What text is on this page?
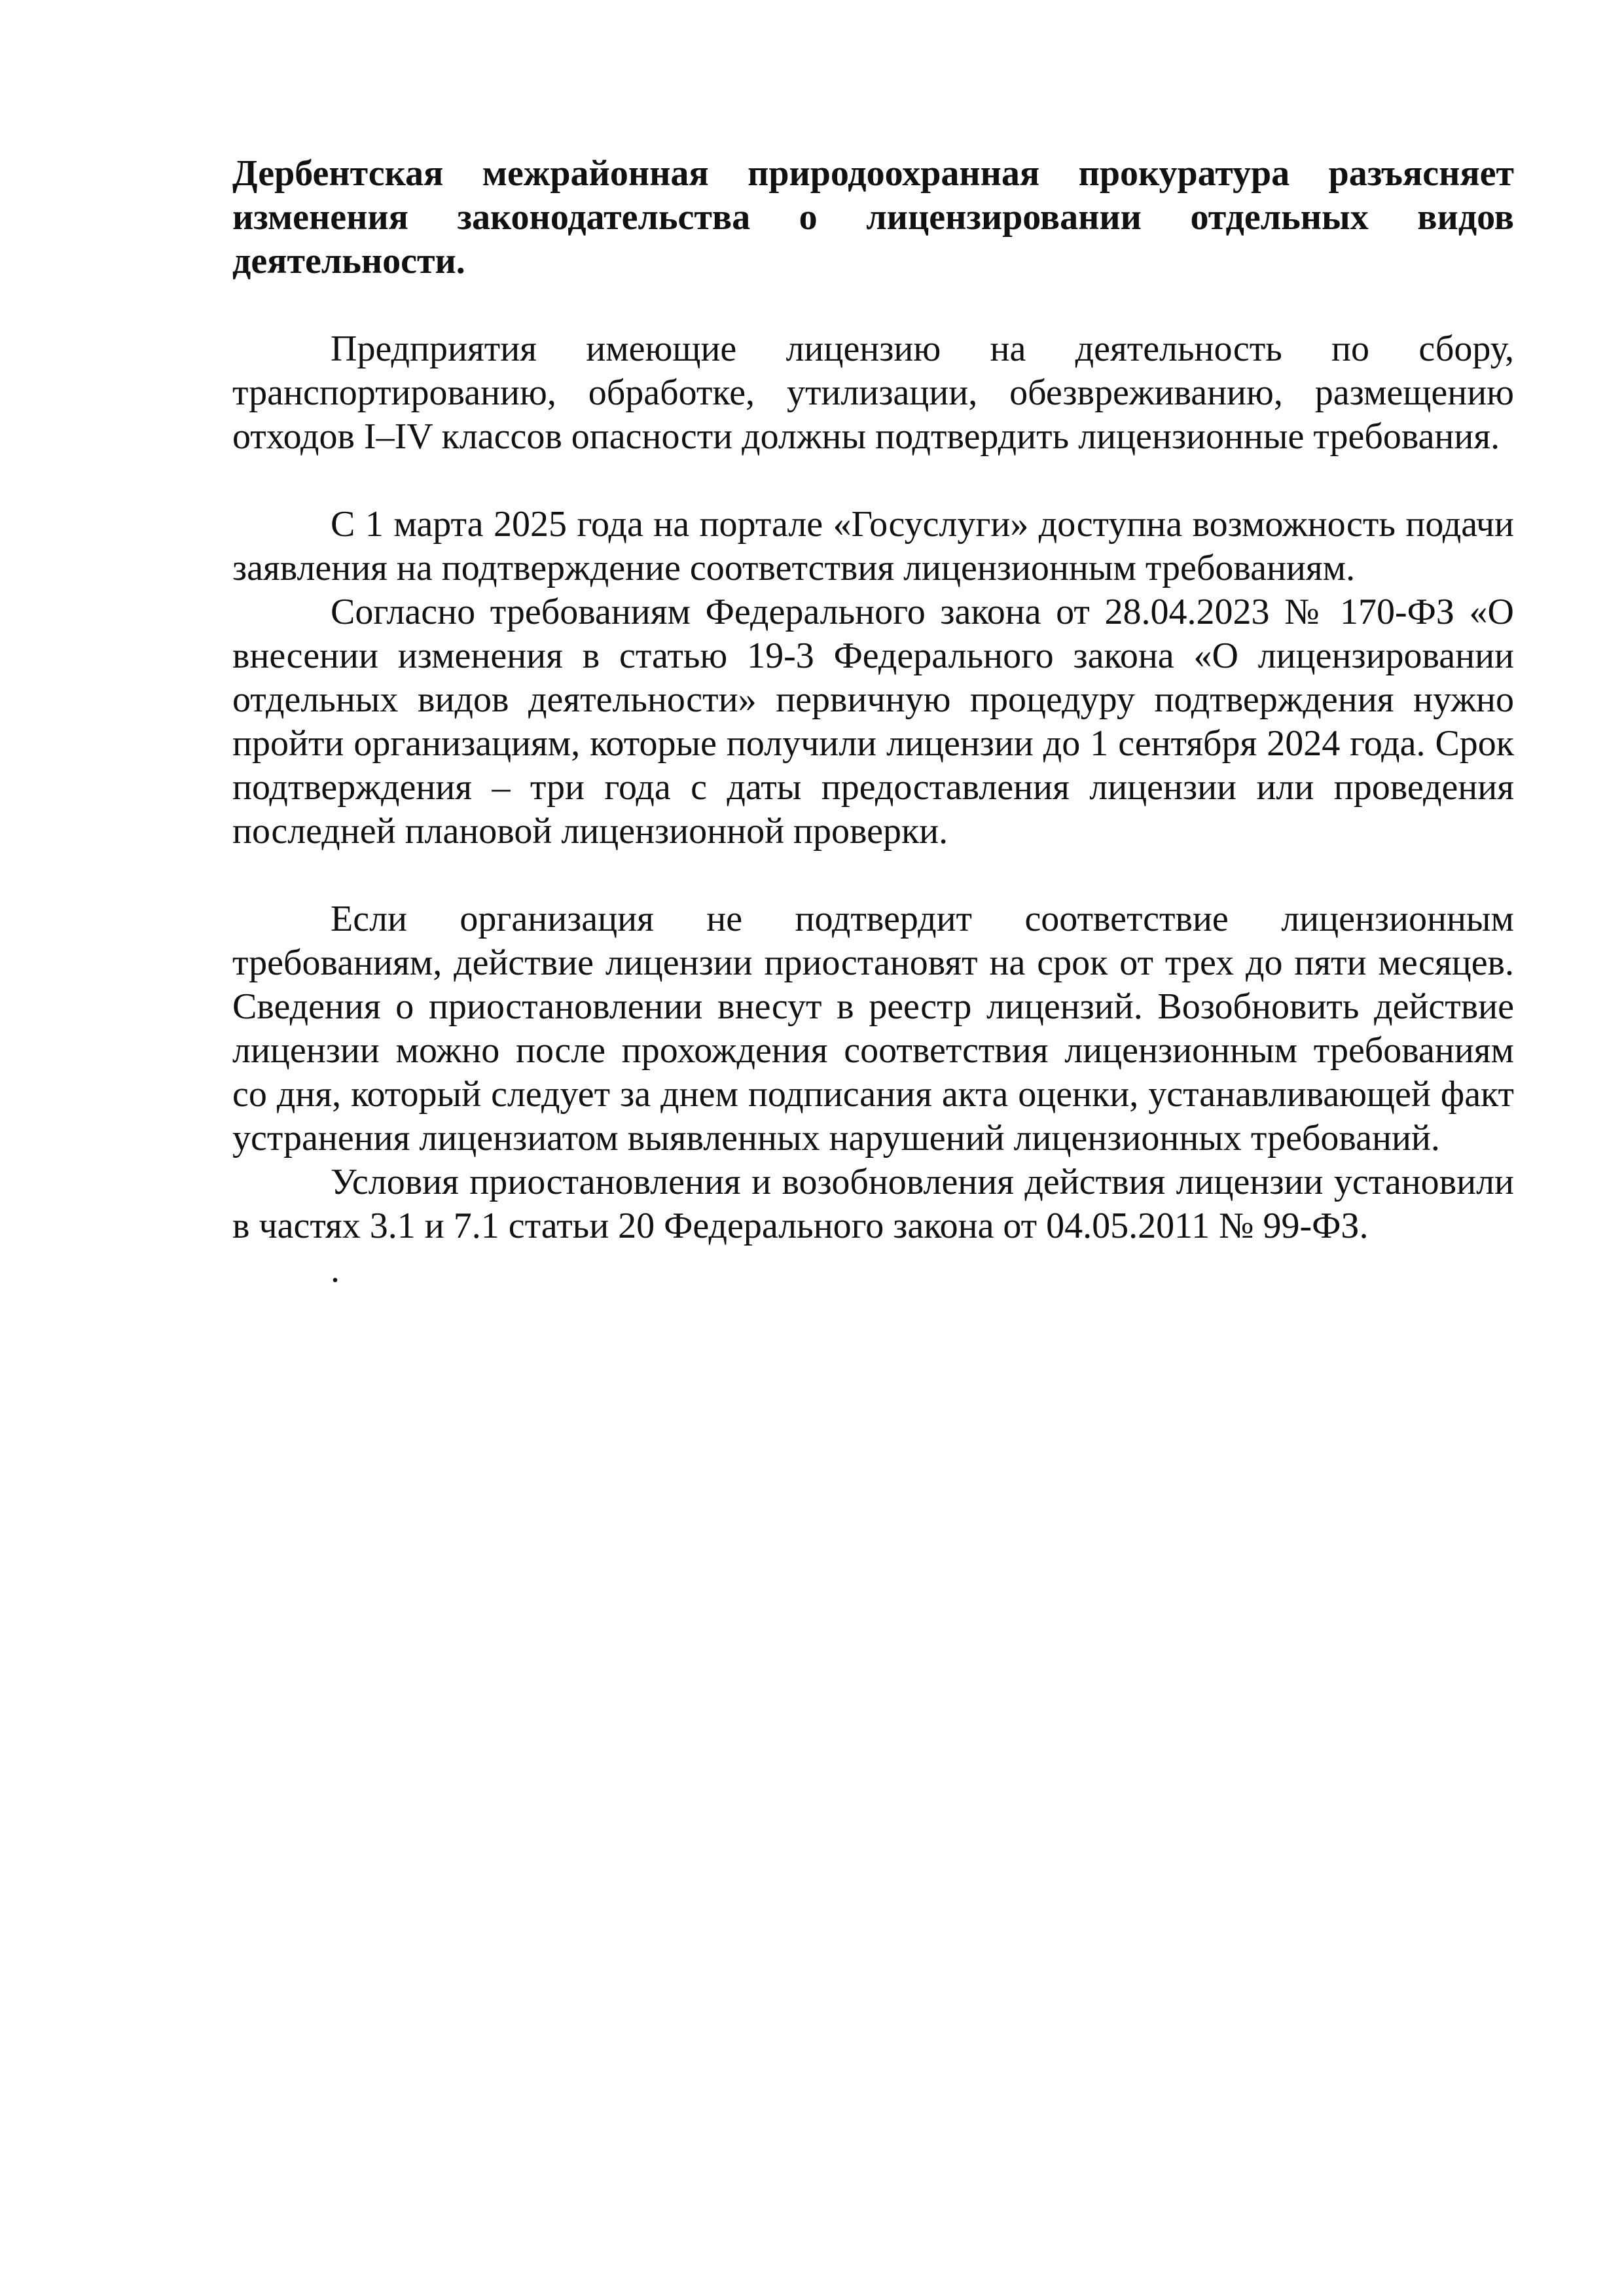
Дербентская межрайонная природоохранная прокуратура разъясняет изменения законодательства о лицензировании отдельных видов деятельности.

Предприятия имеющие лицензию на деятельность по сбору, транспортированию, обработке, утилизации, обезвреживанию, размещению отходов I–IV классов опасности должны подтвердить лицензионные требования.

С 1 марта 2025 года на портале «Госуслуги» доступна возможность подачи заявления на подтверждение соответствия лицензионным требованиям.

Согласно требованиям Федерального закона от 28.04.2023 № 170-ФЗ «О внесении изменения в статью 19-3 Федерального закона «О лицензировании отдельных видов деятельности» первичную процедуру подтверждения нужно пройти организациям, которые получили лицензии до 1 сентября 2024 года. Срок подтверждения – три года с даты предоставления лицензии или проведения последней плановой лицензионной проверки.

Если организация не подтвердит соответствие лицензионным требованиям, действие лицензии приостановят на срок от трех до пяти месяцев. Сведения о приостановлении внесут в реестр лицензий. Возобновить действие лицензии можно после прохождения соответствия лицензионным требованиям со дня, который следует за днем подписания акта оценки, устанавливающей факт устранения лицензиатом выявленных нарушений лицензионных требований.

Условия приостановления и возобновления действия лицензии установили в частях 3.1 и 7.1 статьи 20 Федерального закона от 04.05.2011 № 99-ФЗ.

.
